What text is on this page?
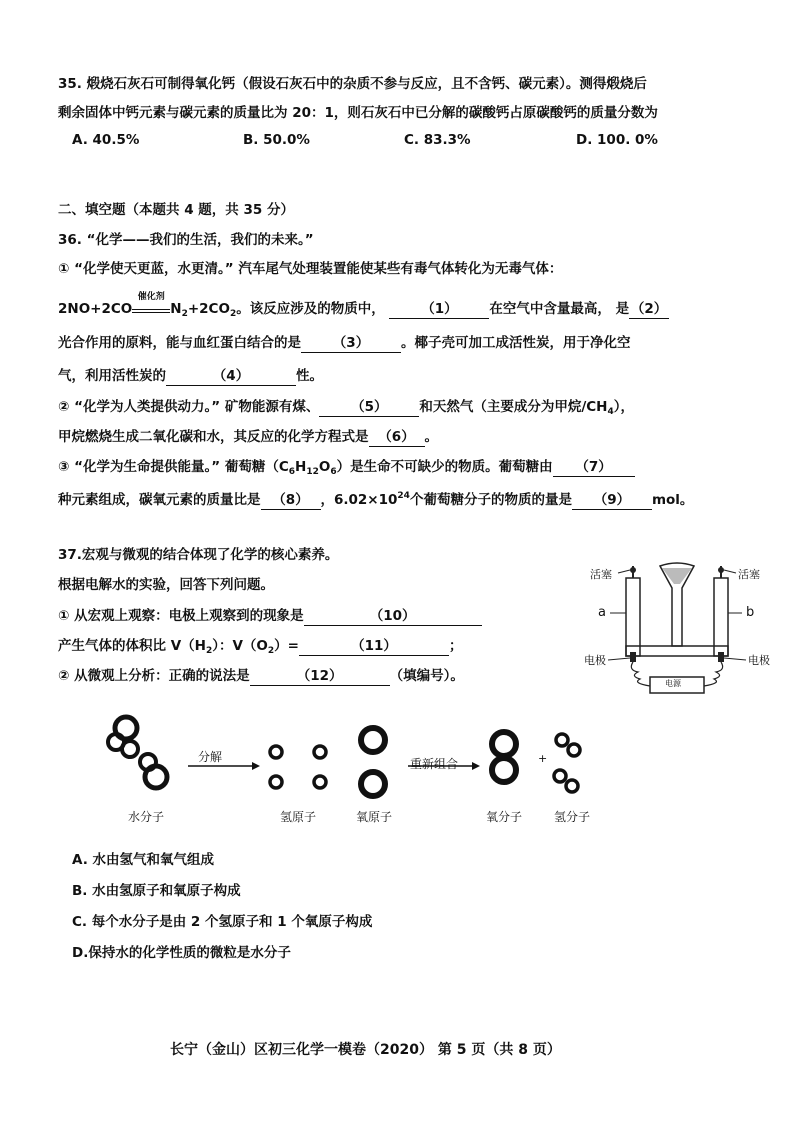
35. 煅烧石灰石可制得氧化钙（假设石灰石中的杂质不参与反应，且不含钙、碳元素）。测得煅烧后
剩余固体中钙元素与碳元素的质量比为 20：1，则石灰石中已分解的碳酸钙占原碳酸钙的质量分数为
A. 40.5%	B. 50.0%	C. 83.3%	D. 100. 0%
二、填空题（本题共 4 题，共 35 分）
36. “化学——我们的生活，我们的未来。”
① “化学使天更蓝，水更清。” 汽车尾气处理装置能使某些有毒气体转化为无毒气体：
2NO+2CO
催化剂
$N_2+2CO_2$。该反应涉及的物质中，	（1） 在空气中含量最高， 是 （2）
光合作用的原料，能与血红蛋白结合的是 （3） 。椰子壳可加工成活性炭，用于净化空
气，利用活性炭的	（4）	性。
② “化学为人类提供动力。” 矿物能源有煤、 （5） 和天然气（主要成分为甲烷$/CH_4$），
甲烷燃烧生成二氧化碳和水，其反应的化学方程式是 （6） 。
③ “化学为生命提供能量。” 葡萄糖$(C_6H_{12}O_6)$是生命不可缺少的物质。葡萄糖由 （7）
种元素组成，碳氧元素的质量比是 （8） ，$6.02\times 10^{24}$个葡萄糖分子的物质的量是 （9） mol。
37.宏观与微观的结合体现了化学的核心素养。
根据电解水的实验，回答下列问题。
① 从宏观上观察：电极上观察到的现象是	（10）
产生气体的体积比 $V(H_2)$：$V(O_2)=$	（11）	；
② 从微观上分析：正确的说法是	（12）	（填编号）。
活塞	活塞
a	b
电极	电极
电源
分解	重新组合	+
水分子	氢原子	氧原子	氧分子	氢分子
A. 水由氢气和氧气组成
B. 水由氢原子和氧原子构成
C. 每个水分子是由 2 个氢原子和 1 个氧原子构成
D.保持水的化学性质的微粒是水分子
长宁（金山）区初三化学一模卷（2020） 第 5 页（共 8 页）
